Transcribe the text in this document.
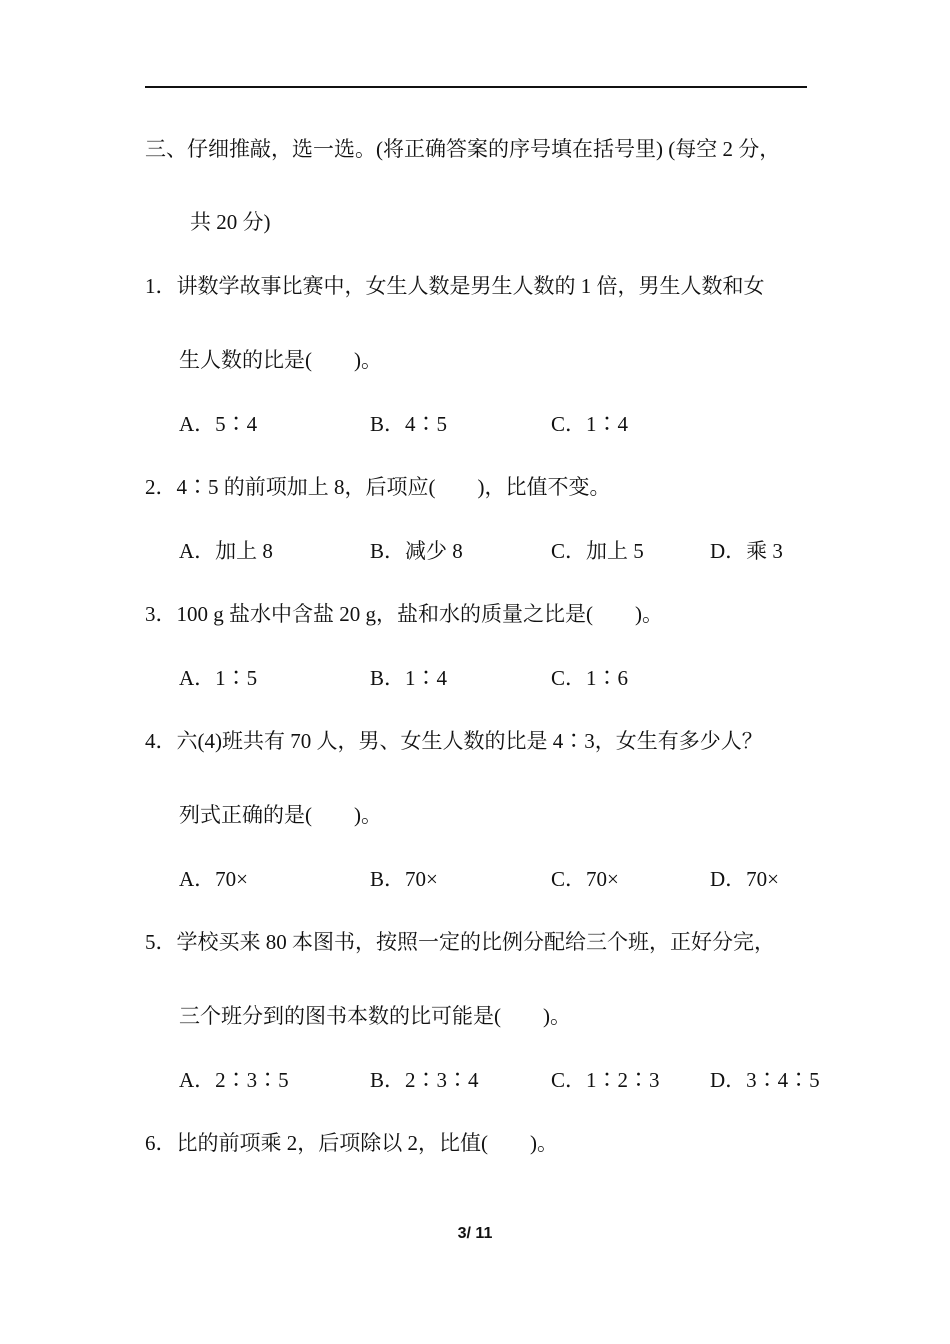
三、仔细推敲，选一选。(将正确答案的序号填在括号里) (每空 2 分，
共 20 分)
1．讲数学故事比赛中，女生人数是男生人数的 1 倍，男生人数和女
生人数的比是(        )。
A．5∶4	B．4∶5	C．1∶4
2．4∶5 的前项加上 8，后项应(        )，比值不变。
A．加上 8	B．减少 8	C．加上 5	D．乘 3
3．100 g 盐水中含盐 20 g，盐和水的质量之比是(        )。
A．1∶5	B．1∶4	C．1∶6
4．六(4)班共有 70 人，男、女生人数的比是 4∶3，女生有多少人？
列式正确的是(        )。
A．70×	B．70×	C．70×	D．70×
5．学校买来 80 本图书，按照一定的比例分配给三个班，正好分完，
三个班分到的图书本数的比可能是(        )。
A．2∶3∶5	B．2∶3∶4	C．1∶2∶3 D．3∶4∶5
6．比的前项乘 2，后项除以 2，比值(        )。
3/ 11
